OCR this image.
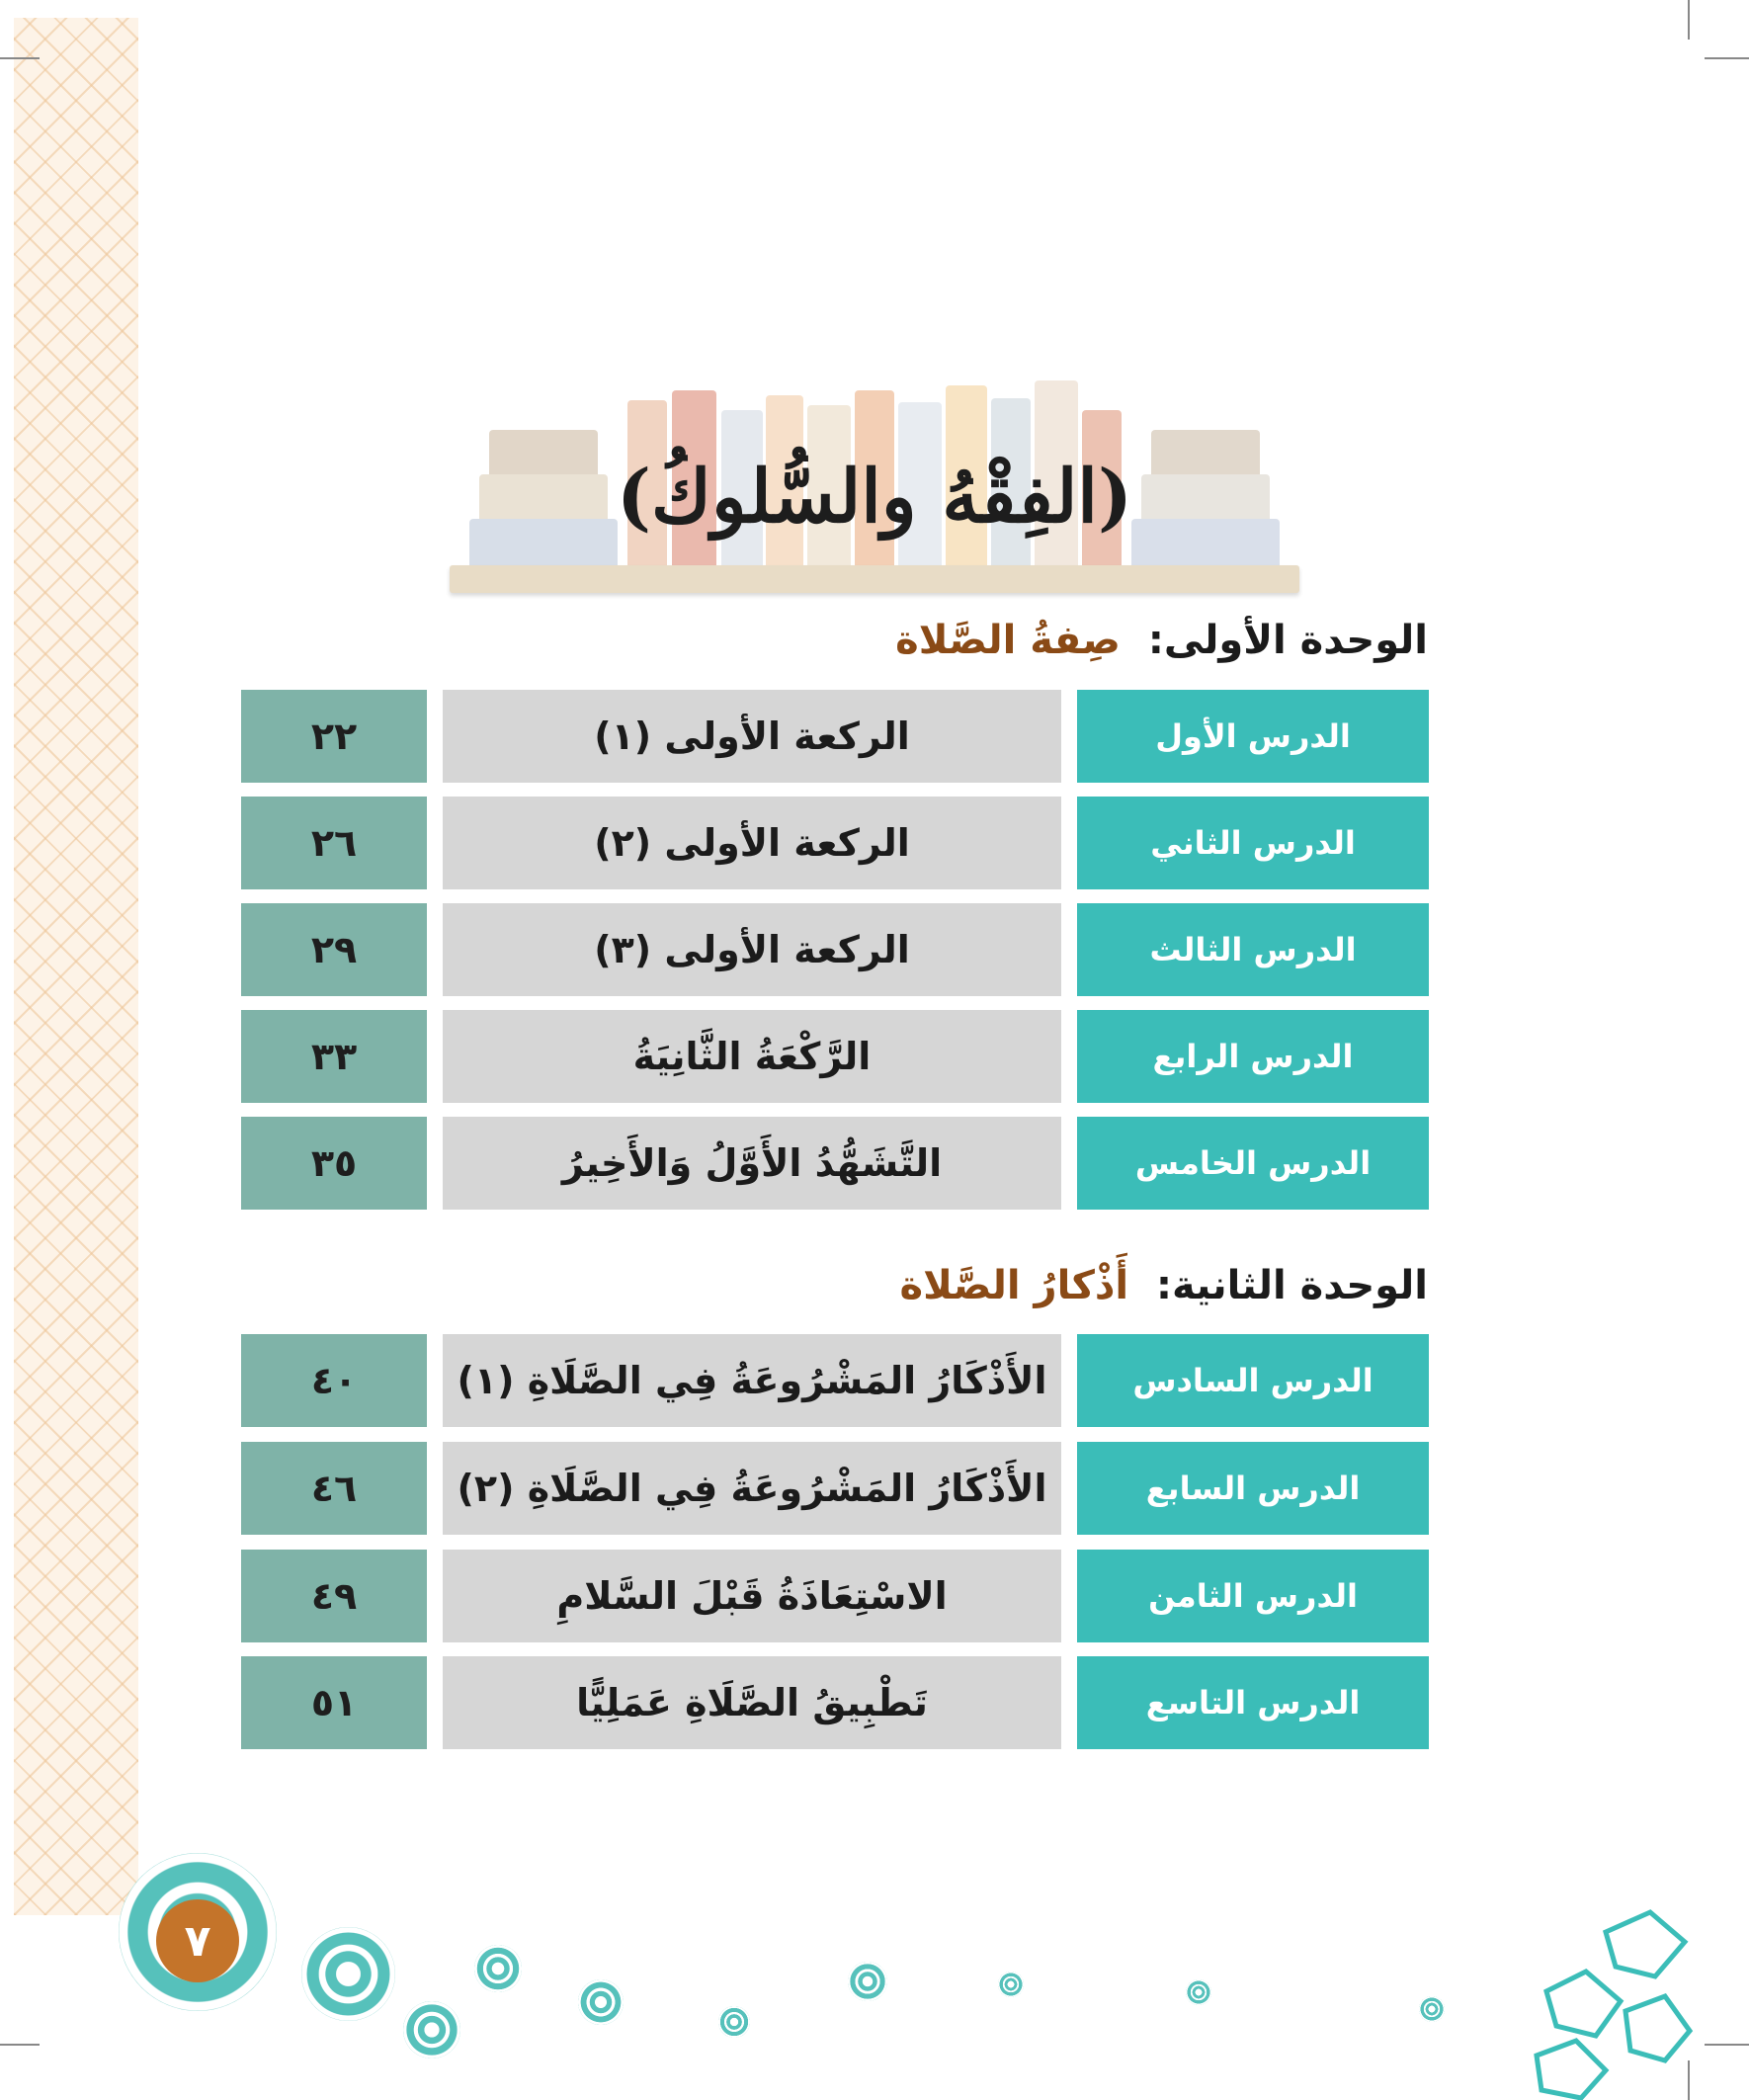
(الفِقْهُ والسُّلوكُ)
الوحدة الأولى: صِفةُ الصَّلاة
٢٢	الركعة الأولى (١)	الدرس الأول
٢٦	الركعة الأولى (٢)	الدرس الثاني
٢٩	الركعة الأولى (٣)	الدرس الثالث
٣٣	الرَّكْعَةُ الثَّانِيَةُ	الدرس الرابع
٣٥	التَّشَهُّدُ الأَوَّلُ وَالأَخِيرُ	الدرس الخامس
الوحدة الثانية: أَذْكارُ الصَّلاة
٤٠	الأَذْكَارُ المَشْرُوعَةُ فِي الصَّلَاةِ (١)	الدرس السادس
٤٦	الأَذْكَارُ المَشْرُوعَةُ فِي الصَّلَاةِ (٢)	الدرس السابع
٤٩	الاسْتِعَاذَةُ قَبْلَ السَّلامِ	الدرس الثامن
٥١	تَطْبِيقُ الصَّلَاةِ عَمَلِيًّا	الدرس التاسع
٧
